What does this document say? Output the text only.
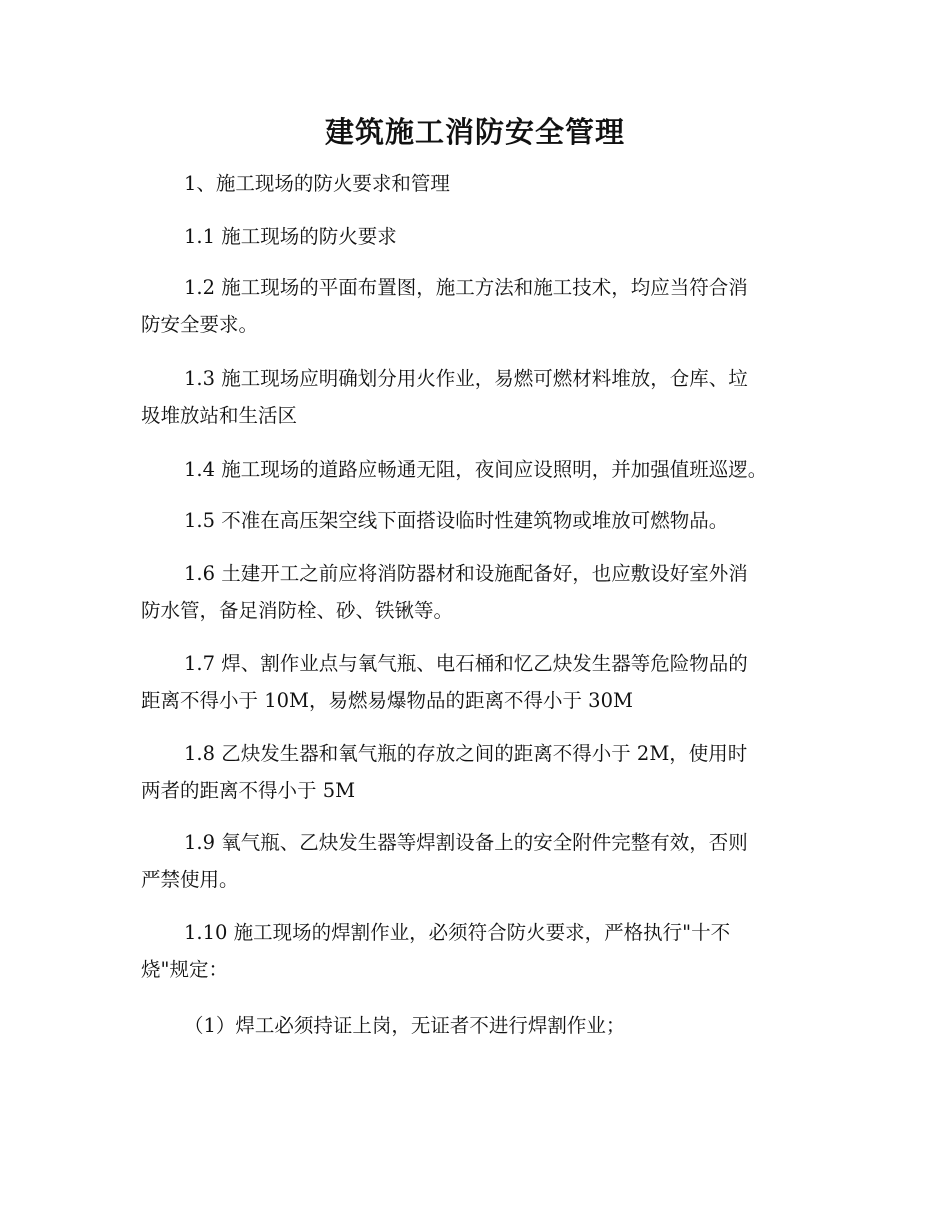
建筑施工消防安全管理
1、施工现场的防火要求和管理
1.1 施工现场的防火要求
1.2 施工现场的平面布置图，施工方法和施工技术，均应当符合消
防安全要求。
1.3 施工现场应明确划分用火作业，易燃可燃材料堆放，仓库、垃
圾堆放站和生活区
1.4 施工现场的道路应畅通无阻，夜间应设照明，并加强值班巡逻。
1.5 不准在高压架空线下面搭设临时性建筑物或堆放可燃物品。
1.6 土建开工之前应将消防器材和设施配备好，也应敷设好室外消
防水管，备足消防栓、砂、铁锹等。
1.7 焊、割作业点与氧气瓶、电石桶和忆乙炔发生器等危险物品的
距离不得小于 10M，易燃易爆物品的距离不得小于 30M
1.8 乙炔发生器和氧气瓶的存放之间的距离不得小于 2M，使用时
两者的距离不得小于 5M
1.9 氧气瓶、乙炔发生器等焊割设备上的安全附件完整有效，否则
严禁使用。
1.10 施工现场的焊割作业，必须符合防火要求，严格执行"十不
烧"规定：
（1）焊工必须持证上岗，无证者不进行焊割作业；
